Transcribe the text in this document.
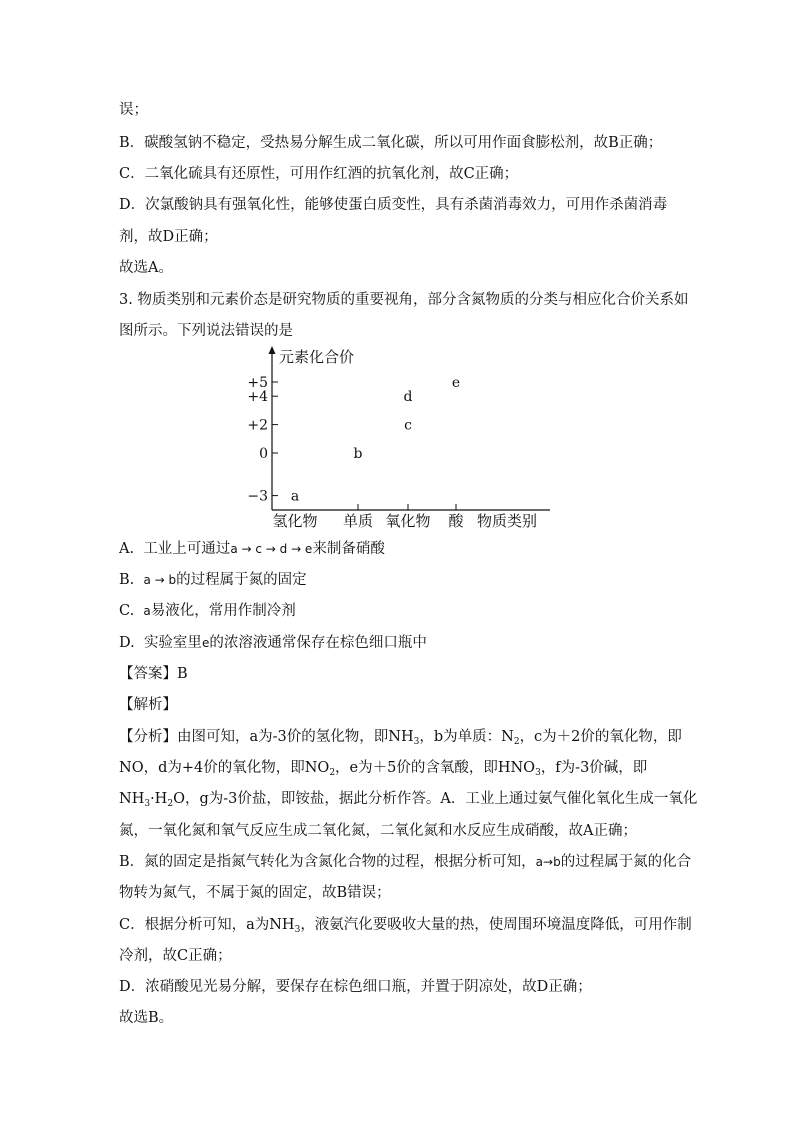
误；
B．碳酸氢钠不稳定，受热易分解生成二氧化碳，所以可用作面食膨松剂，故B正确；
C．二氧化硫具有还原性，可用作红酒的抗氧化剂，故C正确；
D．次氯酸钠具有强氧化性，能够使蛋白质变性，具有杀菌消毒效力，可用作杀菌消毒
剂，故D正确；
故选A。
3. 物质类别和元素价态是研究物质的重要视角，部分含氮物质的分类与相应化合价关系如
图所示。下列说法错误的是
+5
+4
+2
0
−3
氢化物 单质 氧化物 酸
元素化合价
物质类别
a
b
c
d
e
A. 工业上可通过a → c → d → e来制备硝酸
B. a → b的过程属于氮的固定
C. a易液化，常用作制冷剂
D. 实验室里e的浓溶液通常保存在棕色细口瓶中
【答案】B
【解析】
【分析】由图可知，a为-3价的氢化物，即$NH_3$，b为单质：$N_2$，c为＋2价的氧化物，即
NO，d为+4价的氧化物，即$NO_2$，e为＋5价的含氧酸，即$HNO_3$，f为-3价碱，即
$NH_3\cdot H_2O$，g为-3价盐，即铵盐，据此分析作答。A．工业上通过氨气催化氧化生成一氧化
氮，一氧化氮和氧气反应生成二氧化氮，二氧化氮和水反应生成硝酸，故A正确；
B．氮的固定是指氮气转化为含氮化合物的过程，根据分析可知，a→b的过程属于氮的化合
物转为氮气，不属于氮的固定，故B错误；
C．根据分析可知，a为$NH_3$，液氨汽化要吸收大量的热，使周围环境温度降低，可用作制
冷剂，故C正确；
D．浓硝酸见光易分解，要保存在棕色细口瓶，并置于阴凉处，故D正确；
故选B。
